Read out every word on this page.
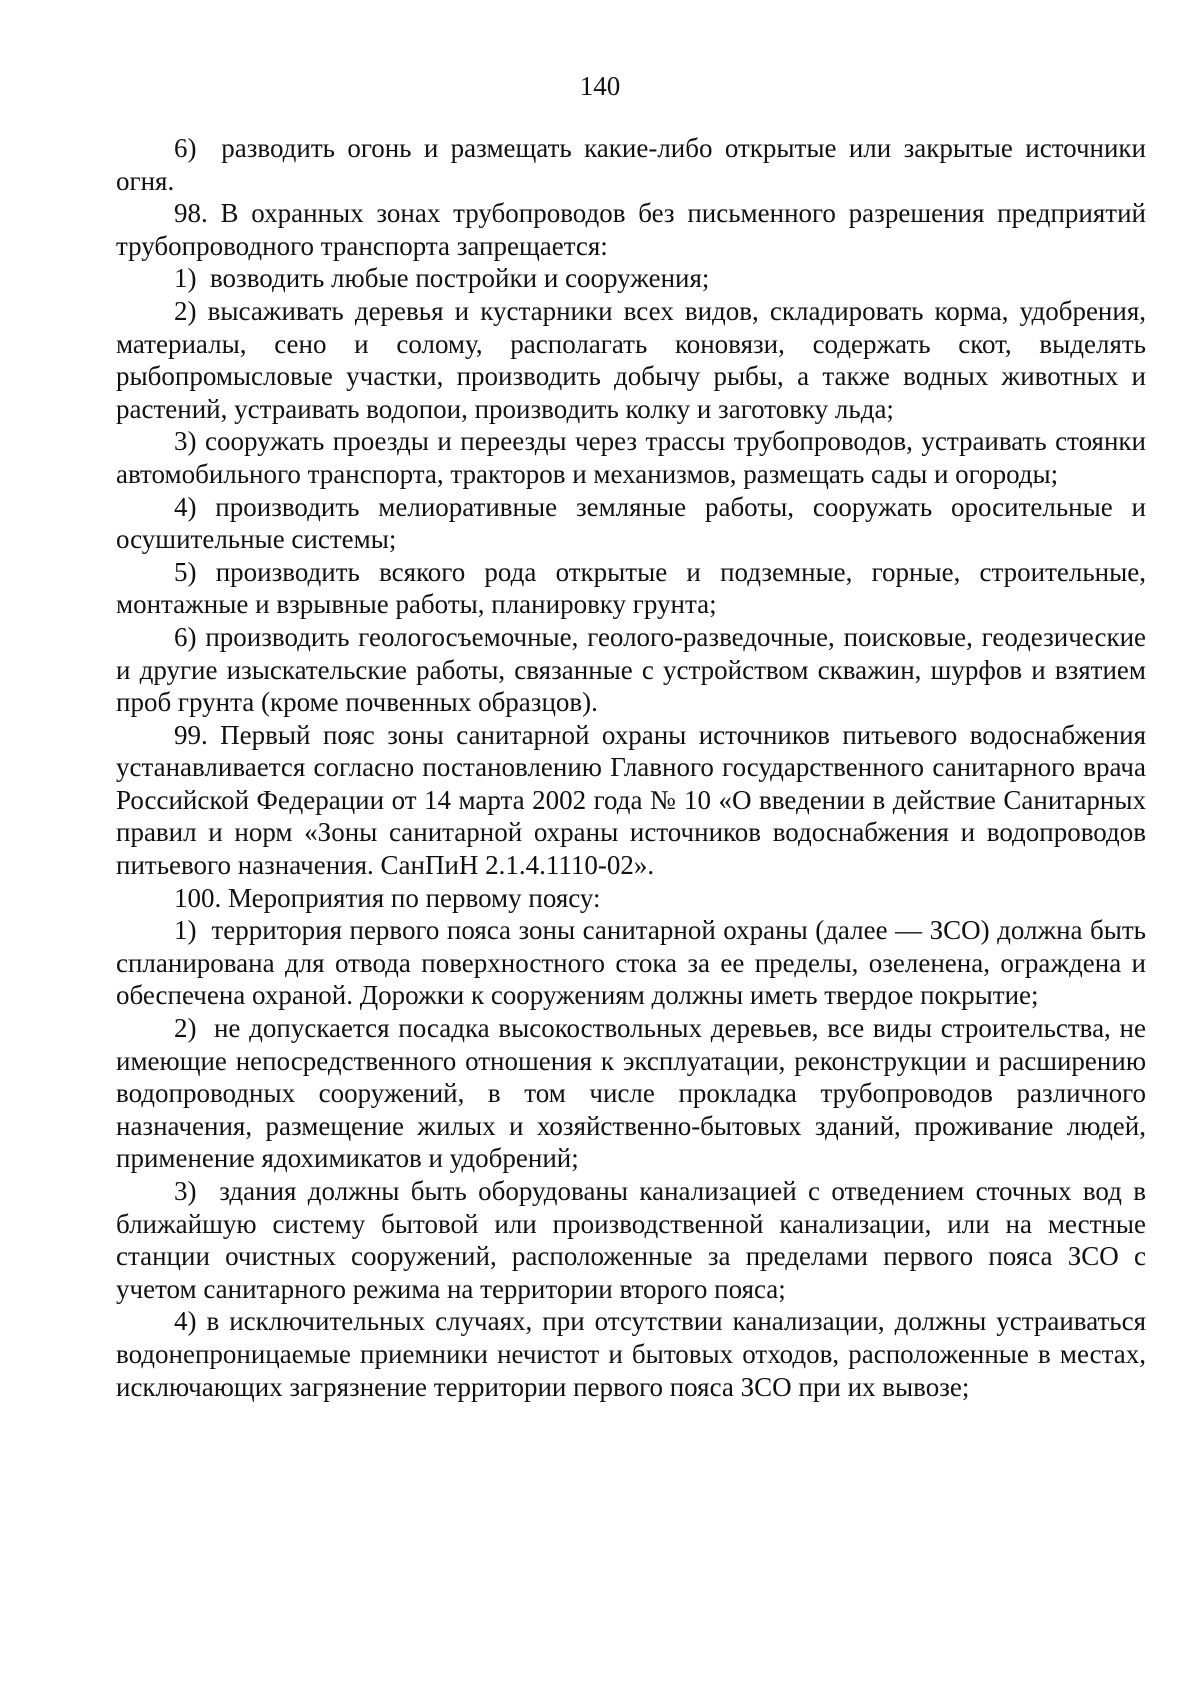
140

6)  разводить огонь и размещать какие-либо открытые или закрытые источники огня.

98. В охранных зонах трубопроводов без письменного разрешения предприятий трубопроводного транспорта запрещается:

1)  возводить любые постройки и сооружения;

2) высаживать деревья и кустарники всех видов, складировать корма, удобрения, материалы, сено и солому, располагать коновязи, содержать скот, выделять рыбопромысловые участки, производить добычу рыбы, а также водных животных и растений, устраивать водопои, производить колку и заготовку льда;

3) сооружать проезды и переезды через трассы трубопроводов, устраивать стоянки автомобильного транспорта, тракторов и механизмов, размещать сады и огороды;

4) производить мелиоративные земляные работы, сооружать оросительные и осушительные системы;

5) производить всякого рода открытые и подземные, горные, строительные, монтажные и взрывные работы, планировку грунта;

6) производить геологосъемочные, геолого-разведочные, поисковые, геодезические и другие изыскательские работы, связанные с устройством скважин, шурфов и взятием проб грунта (кроме почвенных образцов).

99. Первый пояс зоны санитарной охраны источников питьевого водоснабжения устанавливается согласно постановлению Главного государственного санитарного врача Российской Федерации от 14 марта 2002 года № 10 «О введении в действие Санитарных правил и норм «Зоны санитарной охраны источников водоснабжения и водопроводов питьевого назначения. СанПиН 2.1.4.1110-02».

100. Мероприятия по первому поясу:

1)  территория первого пояса зоны санитарной охраны (далее — ЗСО) должна быть спланирована для отвода поверхностного стока за ее пределы, озеленена, ограждена и обеспечена охраной. Дорожки к сооружениям должны иметь твердое покрытие;

2)  не допускается посадка высокоствольных деревьев, все виды строительства, не имеющие непосредственного отношения к эксплуатации, реконструкции и расширению водопроводных сооружений, в том числе прокладка трубопроводов различного назначения, размещение жилых и хозяйственно-бытовых зданий, проживание людей, применение ядохимикатов и удобрений;

3)  здания должны быть оборудованы канализацией с отведением сточных вод в ближайшую систему бытовой или производственной канализации, или на местные станции очистных сооружений, расположенные за пределами первого пояса ЗСО с учетом санитарного режима на территории второго пояса;

4) в исключительных случаях, при отсутствии канализации, должны устраиваться водонепроницаемые приемники нечистот и бытовых отходов, расположенные в местах, исключающих загрязнение территории первого пояса ЗСО при их вывозе;
